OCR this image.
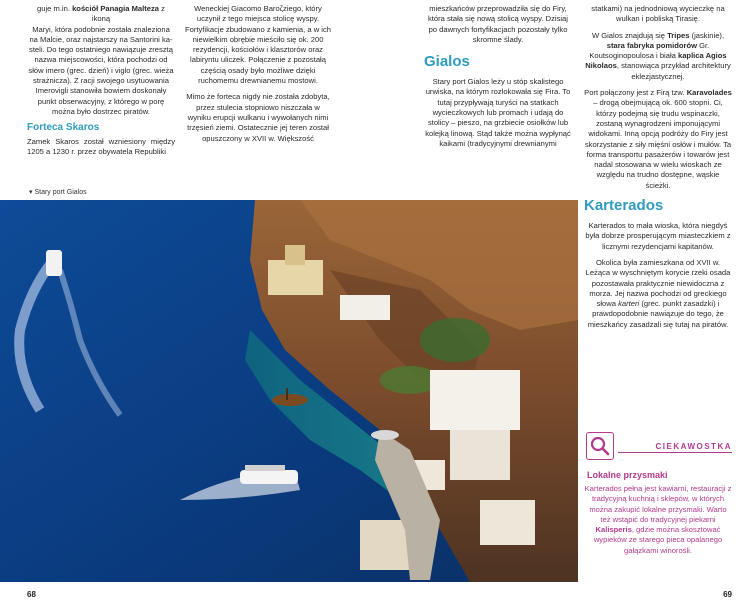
guje m.in. kościół Panagia Malteza z ikoną
Maryi, która podobnie została znaleziona
na Malcie, oraz najstarszy na Santorini ka-
steli. Do tego ostatniego nawiązuje zresztą
nazwa miejscowości, która pochodzi od
słów imero (grec. dzień) i viglo (grec. wieża
strażnicza). Z racji swojego usytuowania
Imerovigli stanowiła bowiem doskonały
punkt obserwacyjny, z którego w porę
można było dostrzec piratów.
Forteca Skaros

Zamek Skaros został wzniesiony między 1205 a 1230 r. przez obywatela Republiki

Weneckiej Giacomo Baroζziego, który uczynił z tego miejsca stolicę wyspy. Fortyfikacje zbudowano z kamienia, a w ich niewielkim obrębie mieściło się ok. 200 rezydencji, kościołów i klasztorów oraz labiryntu uliczek. Połączenie z pozostałą częścią osady było możliwe dzięki ruchomemu drewnianemu mostowi.

Mimo że forteca nigdy nie została zdobyta, przez stulecia stopniowo niszczała w wyniku erupcji wulkanu i wywołanych nimi trzęsień ziemi. Ostatecznie jej teren został opuszczony w XVII w. Większość

mieszkańców przeprowadziła się do Firy, która stała się nową stolicą wyspy. Dzisiaj po dawnych fortyfikacjach pozostały tylko skromne ślady.

Gialos

Stary port Gialos leży u stóp skalistego urwiska, na którym rozlokowała się Fira. To tutaj przypływają turyści na statkach wycieczkowych lub promach i udają do stolicy – pieszo, na grzbiecie osiołków lub kolejką linową. Stąd także można wypłynąć kaikami (tradycyjnymi drewnianymi

statkami) na jednodniową wycieczkę na wulkan i pobliską Tirasię.

W Gialos znajdują się Tripes (jaskinie), stara fabryka pomidorów Gr. Koutsoginopoulosa i biała kaplica Agios Nikolaos, stanowiąca przykład architektury eklezjastycznej.

Port połączony jest z Firą tzw. Karavolades – drogą obejmującą ok. 600 stopni. Ci, którzy podejmą się trudu wspinaczki, zostaną wynagrodzeni imponującymi widokami. Inną opcją podróży do Firy jest skorzystanie z siły mięśni osłów i mułów. Ta forma transportu pasażerów i towarów jest nadal stosowana w wielu wioskach ze względu na trudno dostępne, wąskie ścieżki.

Karterados

Karterados to mała wioska, która niegdyś była dobrze prosperującym miasteczkiem z licznymi rezydencjami kapitanów.

Okolica była zamieszkana od XVII w. Leżąca w wyschniętym korycie rzeki osada pozostawała praktycznie niewidoczna z morza. Jej nazwa pochodzi od greckiego słowa karteri (grec. punkt zasadzki) i prawdopodobnie nawiązuje do tego, że mieszkańcy zasadzali się tutaj na piratów.

▾ Stary port Gialos
CIEKAWOSTKA
Lokalne przysmaki
Karterados pełna jest kawiarni, restauracji z tradycyjną kuchnią i sklepów, w których można zakupić lokalne przysmaki. Warto też wstąpić do tradycyjnej piekarni Kalisperis, gdzie można skosztować wypieków ze starego pieca opalanego gałązkami winorośli.
68	69
